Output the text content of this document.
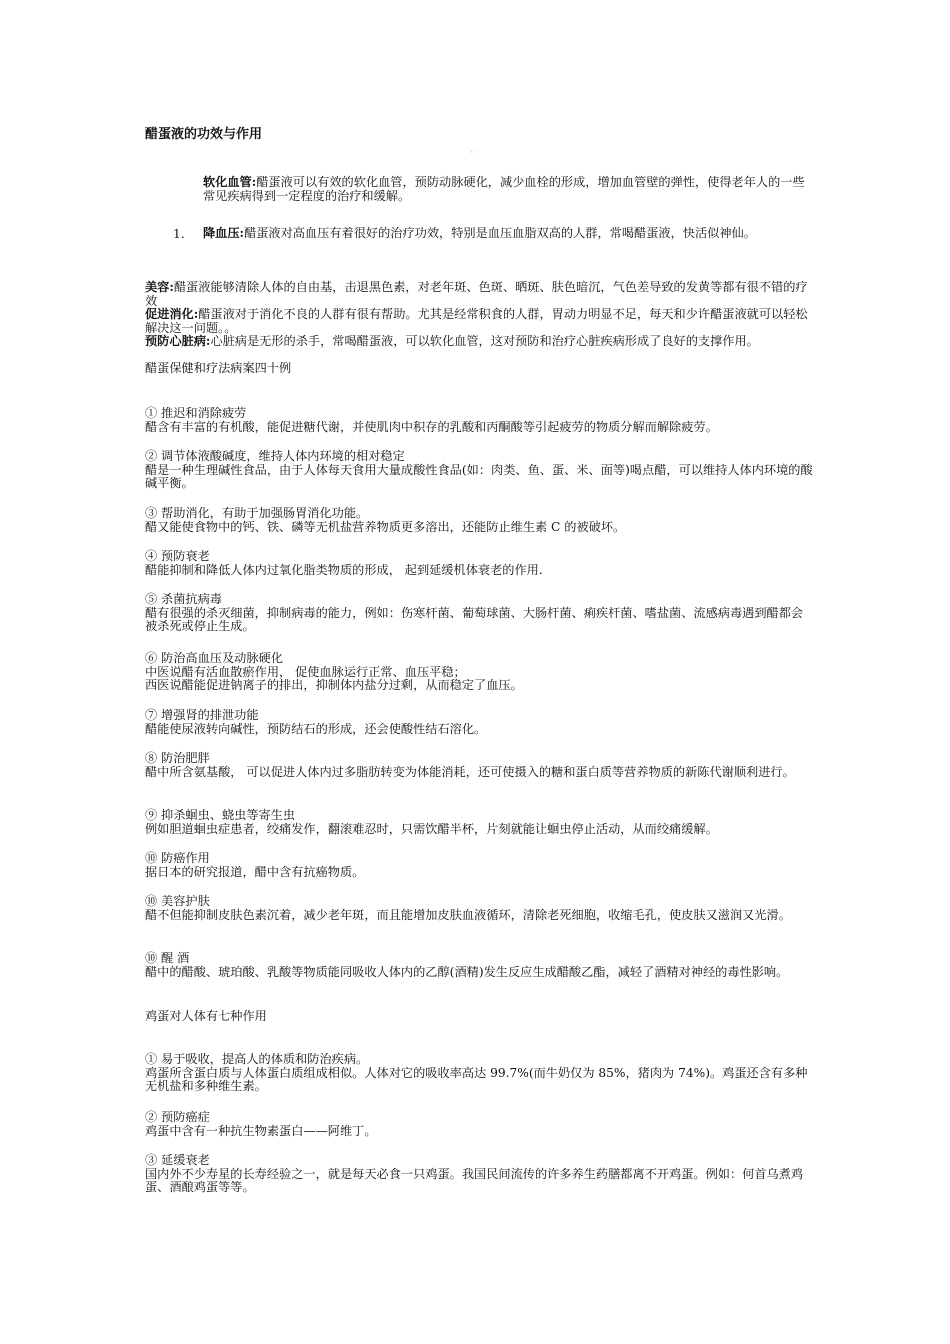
醋蛋液的功效与作用
· ·
软化血管:醋蛋液可以有效的软化血管，预防动脉硬化，减少血栓的形成，增加血管壁的弹性，使得老年人的一些常见疾病得到一定程度的治疗和缓解。
1. 降血压:醋蛋液对高血压有着很好的治疗功效，特别是血压血脂双高的人群，常喝醋蛋液，快活似神仙。
美容:醋蛋液能够清除人体的自由基，击退黑色素，对老年斑、色斑、晒斑、肤色暗沉，气色差导致的发黄等都有很不错的疗效
促进消化:醋蛋液对于消化不良的人群有很有帮助。尤其是经常积食的人群，胃动力明显不足，每天和少许醋蛋液就可以轻松解决这一问题。。
预防心脏病:心脏病是无形的杀手，常喝醋蛋液，可以软化血管，这对预防和治疗心脏疾病形成了良好的支撑作用。
醋蛋保健和疗法病案四十例
① 推迟和消除疲劳
醋含有丰富的有机酸，能促进糖代谢，并使肌肉中积存的乳酸和丙酮酸等引起疲劳的物质分解而解除疲劳。
② 调节体液酸碱度，维持人体内环境的相对稳定
醋是一种生理碱性食品，由于人体每天食用大量成酸性食品(如：肉类、鱼、蛋、米、面等)喝点醋，可以维持人体内环境的酸碱平衡。
③ 帮助消化，有助于加强肠胃消化功能。
醋又能使食物中的钙、铁、磷等无机盐营养物质更多溶出，还能防止维生素 C 的被破坏。
④ 预防衰老
醋能抑制和降低人体内过氧化脂类物质的形成， 起到延缓机体衰老的作用.
⑤ 杀菌抗病毒
醋有很强的杀灭细菌，抑制病毒的能力，例如：伤寒杆菌、葡萄球菌、大肠杆菌、痢疾杆菌、嗜盐菌、流感病毒遇到醋都会被杀死或停止生成。
⑥ 防治高血压及动脉硬化
中医说醋有活血散瘀作用， 促使血脉运行正常、血压平稳；
西医说醋能促进钠离子的排出，抑制体内盐分过剩，从而稳定了血压。
⑦ 增强肾的排泄功能
醋能使尿液转向碱性，预防结石的形成，还会使酸性结石溶化。
⑧ 防治肥胖
醋中所含氨基酸， 可以促进人体内过多脂肪转变为体能消耗，还可使摄入的糖和蛋白质等营养物质的新陈代谢顺利进行。
⑨ 抑杀蛔虫、蛲虫等寄生虫
例如胆道蛔虫症患者，绞痛发作，翻滚难忍时，只需饮醋半杯，片刻就能让蛔虫停止活动，从而绞痛缓解。
⑩ 防癌作用
据日本的研究报道，醋中含有抗癌物质。
⑩ 美容护肤
醋不但能抑制皮肤色素沉着，减少老年斑，而且能增加皮肤血液循环，清除老死细胞，收缩毛孔，使皮肤又滋润又光滑。
⑩ 醒 酒
醋中的醋酸、琥珀酸、乳酸等物质能同吸收人体内的乙醇(酒精)发生反应生成醋酸乙酯，减轻了酒精对神经的毒性影响。
鸡蛋对人体有七种作用
① 易于吸收，提高人的体质和防治疾病。
鸡蛋所含蛋白质与人体蛋白质组成相似。人体对它的吸收率高达 99.7%(而牛奶仅为 85%，猪肉为 74%)。鸡蛋还含有多种无机盐和多种维生素。
② 预防癌症
鸡蛋中含有一种抗生物素蛋白——阿维丁。
③ 延缓衰老
国内外不少寿星的长寿经验之一，就是每天必食一只鸡蛋。我国民间流传的许多养生药膳都离不开鸡蛋。例如：何首乌煮鸡蛋、酒酿鸡蛋等等。
